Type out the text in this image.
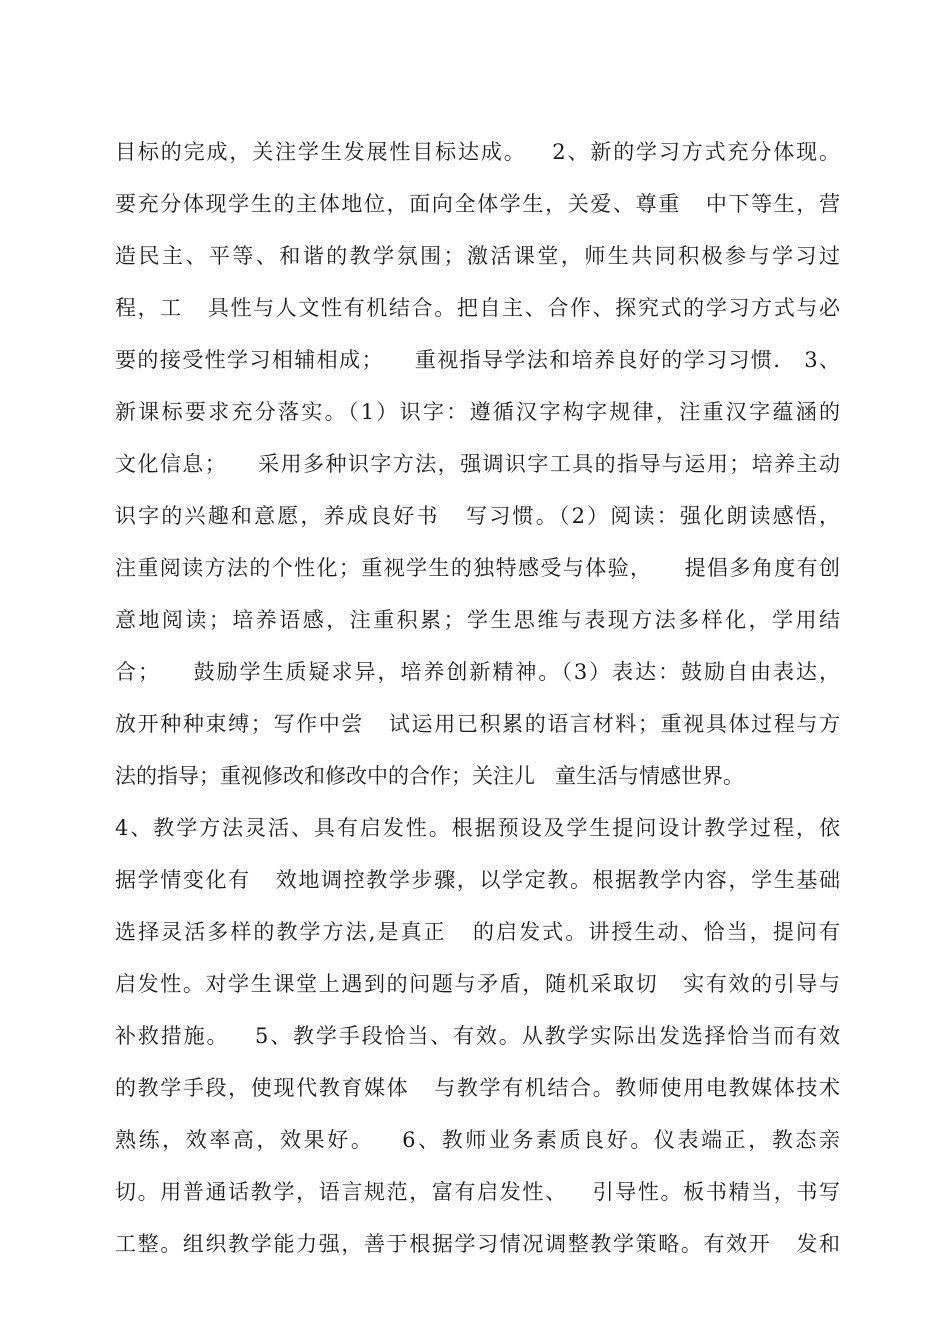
目标的完成，关注学生发展性目标达成。   2、新的学习方式充分体现。
要充分体现学生的主体地位，面向全体学生，关爱、尊重   中下等生，营
造民主、平等、和谐的教学氛围；激活课堂，师生共同积极参与学习过
程，工   具性与人文性有机结合。把自主、合作、探究式的学习方式与必
要的接受性学习相辅相成；    重视指导学法和培养良好的学习习惯.   3、
新课标要求充分落实。（1）识字：遵循汉字构字规律，注重汉字蕴涵的
文化信息；    采用多种识字方法，强调识字工具的指导与运用；培养主动
识字的兴趣和意愿，养成良好书   写习惯。（2）阅读：强化朗读感悟，
注重阅读方法的个性化；重视学生的独特感受与体验，    提倡多角度有创
意地阅读；培养语感，注重积累；学生思维与表现方法多样化，学用结
合；    鼓励学生质疑求异，培养创新精神。（3）表达：鼓励自由表达，
放开种种束缚；写作中尝   试运用已积累的语言材料；重视具体过程与方
法的指导；重视修改和修改中的合作；关注儿   童生活与情感世界。
4、教学方法灵活、具有启发性。根据预设及学生提问设计教学过程，依
据学情变化有   效地调控教学步骤，以学定教。根据教学内容，学生基础
选择灵活多样的教学方法,是真正   的启发式。讲授生动、恰当，提问有
启发性。对学生课堂上遇到的问题与矛盾，随机采取切   实有效的引导与
补救措施。   5、教学手段恰当、有效。从教学实际出发选择恰当而有效
的教学手段，使现代教育媒体   与教学有机结合。教师使用电教媒体技术
熟练，效率高，效果好。   6、教师业务素质良好。仪表端正，教态亲
切。用普通话教学，语言规范，富有启发性、   引导性。板书精当，书写
工整。组织教学能力强，善于根据学习情况调整教学策略。有效开   发和
